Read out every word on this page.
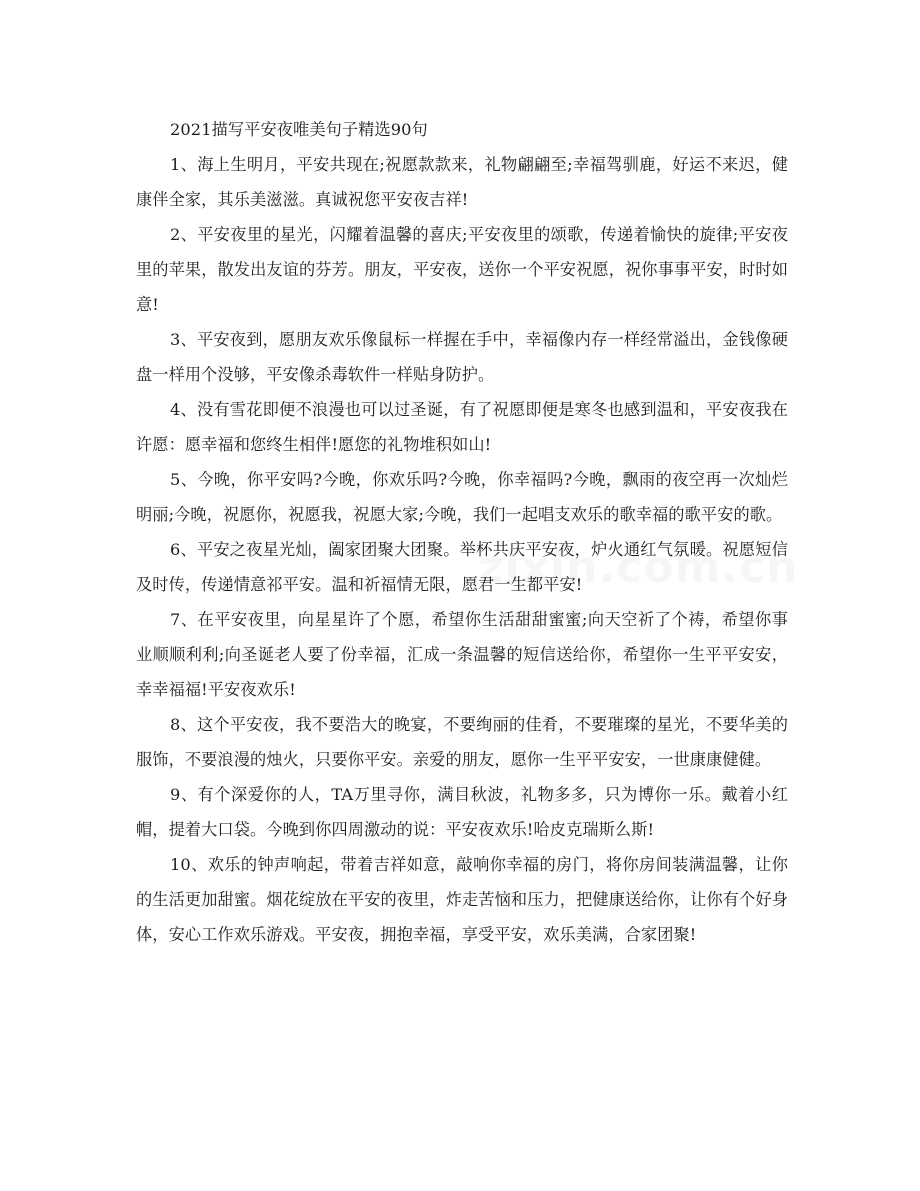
2021描写平安夜唯美句子精选90句

1、海上生明月，平安共现在;祝愿款款来，礼物翩翩至;幸福驾驯鹿，好运不来迟，健康伴全家，其乐美滋滋。真诚祝您平安夜吉祥!

2、平安夜里的星光，闪耀着温馨的喜庆;平安夜里的颂歌，传递着愉快的旋律;平安夜里的苹果，散发出友谊的芬芳。朋友，平安夜，送你一个平安祝愿，祝你事事平安，时时如意!

3、平安夜到，愿朋友欢乐像鼠标一样握在手中，幸福像内存一样经常溢出，金钱像硬盘一样用个没够，平安像杀毒软件一样贴身防护。

4、没有雪花即便不浪漫也可以过圣诞，有了祝愿即便是寒冬也感到温和，平安夜我在许愿：愿幸福和您终生相伴!愿您的礼物堆积如山!

5、今晚，你平安吗?今晚，你欢乐吗?今晚，你幸福吗?今晚，飘雨的夜空再一次灿烂明丽;今晚，祝愿你，祝愿我，祝愿大家;今晚，我们一起唱支欢乐的歌幸福的歌平安的歌。

6、平安之夜星光灿，阖家团聚大团聚。举杯共庆平安夜，炉火通红气氛暖。祝愿短信及时传，传递情意祁平安。温和祈福情无限，愿君一生都平安!

7、在平安夜里，向星星许了个愿，希望你生活甜甜蜜蜜;向天空祈了个祷，希望你事业顺顺利利;向圣诞老人要了份幸福，汇成一条温馨的短信送给你，希望你一生平平安安，幸幸福福!平安夜欢乐!

8、这个平安夜，我不要浩大的晚宴，不要绚丽的佳肴，不要璀璨的星光，不要华美的服饰，不要浪漫的烛火，只要你平安。亲爱的朋友，愿你一生平平安安，一世康康健健。

9、有个深爱你的人，TA万里寻你，满目秋波，礼物多多，只为博你一乐。戴着小红帽，提着大口袋。今晚到你四周激动的说：平安夜欢乐!哈皮克瑞斯么斯!

10、欢乐的钟声响起，带着吉祥如意，敲响你幸福的房门，将你房间装满温馨，让你的生活更加甜蜜。烟花绽放在平安的夜里，炸走苦恼和压力，把健康送给你，让你有个好身体，安心工作欢乐游戏。平安夜，拥抱幸福，享受平安，欢乐美满，合家团聚!
